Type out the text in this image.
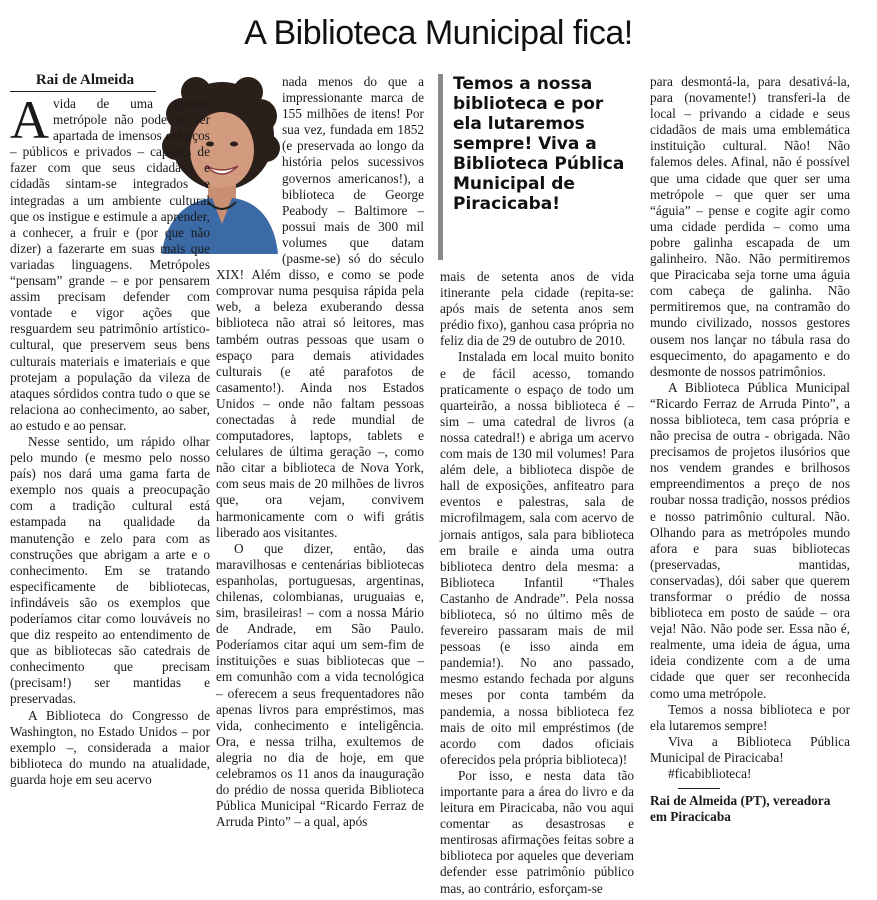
A Biblioteca Municipal fica!
Rai de Almeida

Avida de uma grande metrópole não pode se ver apartada de imensos esforços – públicos e privados – capazes de fazer com que seus cidadãos e cidadãs sintam-se integrados e integradas a um ambiente cultural que os instigue e estimule a aprender, a conhecer, a fruir e (por que não dizer) a fazerarte em suas mais que variadas linguagens. Metrópoles “pensam” grande – e por pensarem assim precisam defender com vontade e vigor ações que resguardem seu patrimônio artístico-cultural, que preservem seus bens culturais materiais e imateriais e que protejam a população da vileza de ataques sórdidos contra tudo o que se relaciona ao conhecimento, ao saber, ao estudo e ao pensar.

Nesse sentido, um rápido olhar pelo mundo (e mesmo pelo nosso país) nos dará uma gama farta de exemplo nos quais a preocupação com a tradição cultural está estampada na qualidade da manutenção e zelo para com as construções que abrigam a arte e o conhecimento. Em se tratando especificamente de bibliotecas, infindáveis são os exemplos que poderíamos citar como louváveis no que diz respeito ao entendimento de que as bibliotecas são catedrais de conhecimento que precisam (precisam!) ser mantidas e preservadas.

A Biblioteca do Congresso de Washington, no Estado Unidos – por exemplo –, considerada a maior biblioteca do mundo na atualidade, guarda hoje em seu acervo

nada menos do que a impressionante marca de 155 milhões de itens! Por sua vez, fundada em 1852 (e preservada ao longo da história pelos sucessivos governos americanos!), a biblioteca de George Peabody – Baltimore – possui mais de 300 mil volumes que datam (pasme-se) só do século XIX! Além disso, e como se pode comprovar numa pesquisa rápida pela web, a beleza exuberando dessa biblioteca não atrai só leitores, mas também outras pessoas que usam o espaço para demais atividades culturais (e até parafotos de casamento!). Ainda nos Estados Unidos – onde não faltam pessoas conectadas à rede mundial de computadores, laptops, tablets e celulares de última geração –, como não citar a biblioteca de Nova York, com seus mais de 20 milhões de livros que, ora vejam, convivem harmonicamente com o wifi grátis liberado aos visitantes.

O que dizer, então, das maravilhosas e centenárias bibliotecas espanholas, portuguesas, argentinas, chilenas, colombianas, uruguaias e, sim, brasileiras! – com a nossa Mário de Andrade, em São Paulo. Poderíamos citar aqui um sem-fim de instituições e suas bibliotecas que – em comunhão com a vida tecnológica – oferecem a seus frequentadores não apenas livros para empréstimos, mas vida, conhecimento e inteligência. Ora, e nessa trilha, exultemos de alegria no dia de hoje, em que celebramos os 11 anos da inauguração do prédio de nossa querida Biblioteca Pública Municipal “Ricardo Ferraz de Arruda Pinto” – a qual, após

Temos a nossa biblioteca e por ela lutaremos sempre! Viva a Biblioteca Pública Municipal de Piracicaba!

mais de setenta anos de vida itinerante pela cidade (repita-se: após mais de setenta anos sem prédio fixo), ganhou casa própria no feliz dia de 29 de outubro de 2010.

Instalada em local muito bonito e de fácil acesso, tomando praticamente o espaço de todo um quarteirão, a nossa biblioteca é – sim – uma catedral de livros (a nossa catedral!) e abriga um acervo com mais de 130 mil volumes! Para além dele, a biblioteca dispõe de hall de exposições, anfiteatro para eventos e palestras, sala de microfilmagem, sala com acervo de jornais antigos, sala para biblioteca em braile e ainda uma outra biblioteca dentro dela mesma: a Biblioteca Infantil “Thales Castanho de Andrade”. Pela nossa biblioteca, só no último mês de fevereiro passaram mais de mil pessoas (e isso ainda em pandemia!). No ano passado, mesmo estando fechada por alguns meses por conta também da pandemia, a nossa biblioteca fez mais de oito mil empréstimos (de acordo com dados oficiais oferecidos pela própria biblioteca)!

Por isso, e nesta data tão importante para a área do livro e da leitura em Piracicaba, não vou aqui comentar as desastrosas e mentirosas afirmações feitas sobre a biblioteca por aqueles que deveriam defender esse patrimônio público mas, ao contrário, esforçam-se

para desmontá-la, para desativá-la, para (novamente!) transferi-la de local – privando a cidade e seus cidadãos de mais uma emblemática instituição cultural. Não! Não falemos deles. Afinal, não é possível que uma cidade que quer ser uma metrópole – que quer ser uma “águia” – pense e cogite agir como uma cidade perdida – como uma pobre galinha escapada de um galinheiro. Não. Não permitiremos que Piracicaba seja torne uma águia com cabeça de galinha. Não permitiremos que, na contramão do mundo civilizado, nossos gestores ousem nos lançar no tábula rasa do esquecimento, do apagamento e do desmonte de nossos patrimônios.

A Biblioteca Pública Municipal “Ricardo Ferraz de Arruda Pinto”, a nossa biblioteca, tem casa própria e não precisa de outra - obrigada. Não precisamos de projetos ilusórios que nos vendem grandes e brilhosos empreendimentos a preço de nos roubar nossa tradição, nossos prédios e nosso patrimônio cultural. Não. Olhando para as metrópoles mundo afora e para suas bibliotecas (preservadas, mantidas, conservadas), dói saber que querem transformar o prédio de nossa biblioteca em posto de saúde – ora veja! Não. Não pode ser. Essa não é, realmente, uma ideia de água, uma ideia condizente com a de uma cidade que quer ser reconhecida como uma metrópole.

Temos a nossa biblioteca e por ela lutaremos sempre!

Viva a Biblioteca Pública Municipal de Piracicaba!

#ficabiblioteca!

Rai de Almeida (PT), vereadora em Piracicaba
